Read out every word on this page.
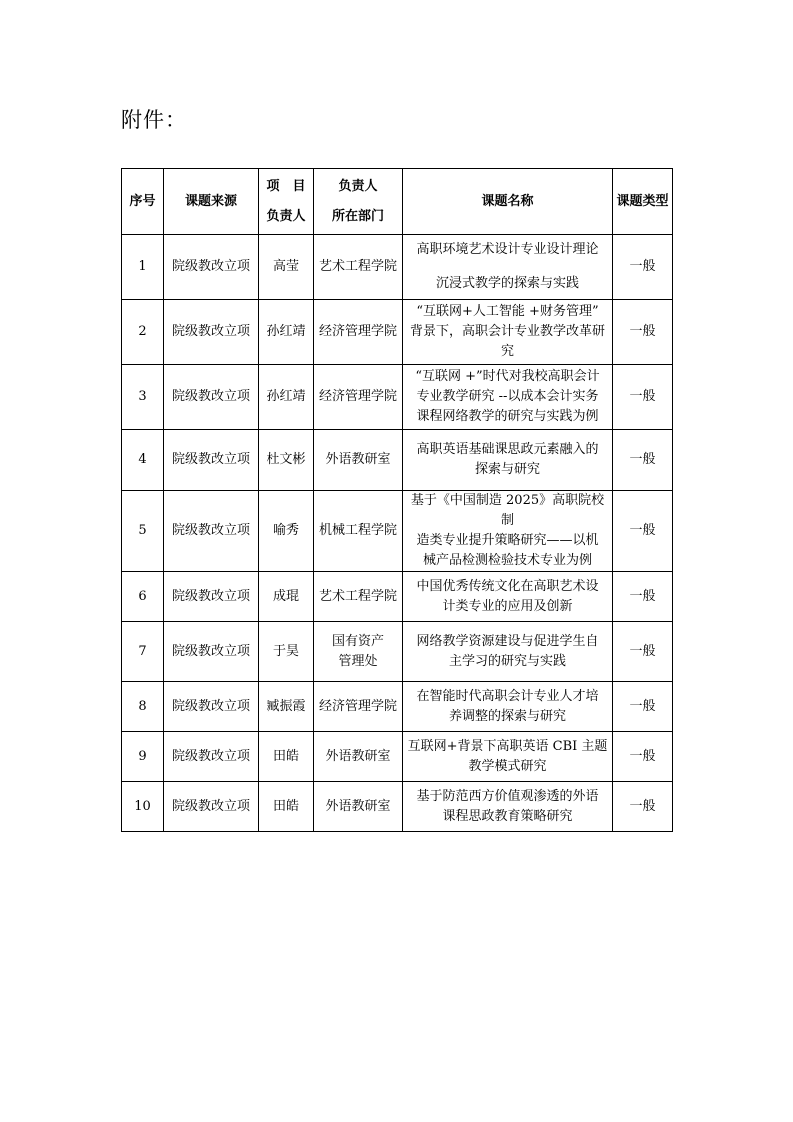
附件：
序号	课题来源	项　目
负责人	负责人
所在部门	课题名称	课题类型
1	院级教改立项	高莹	艺术工程学院	高职环境艺术设计专业设计理论
沉浸式教学的探索与实践	一般
2	院级教改立项	孙红靖	经济管理学院	“互联网+人工智能 +财务管理”
背景下，高职会计专业教学改革研
究	一般
3	院级教改立项	孙红靖	经济管理学院	“互联网 +”时代对我校高职会计
专业教学研究 --以成本会计实务
课程网络教学的研究与实践为例	一般
4	院级教改立项	杜文彬	外语教研室	高职英语基础课思政元素融入的
探索与研究	一般
5	院级教改立项	喻秀	机械工程学院	基于《中国制造 2025》高职院校制
造类专业提升策略研究——以机
械产品检测检验技术专业为例	一般
6	院级教改立项	成琨	艺术工程学院	中国优秀传统文化在高职艺术设
计类专业的应用及创新	一般
7	院级教改立项	于昊	国有资产
管理处	网络教学资源建设与促进学生自
主学习的研究与实践	一般
8	院级教改立项	臧振霞	经济管理学院	在智能时代高职会计专业人才培
养调整的探索与研究	一般
9	院级教改立项	田皓	外语教研室	互联网+背景下高职英语 CBI 主题
教学模式研究	一般
10	院级教改立项	田皓	外语教研室	基于防范西方价值观渗透的外语
课程思政教育策略研究	一般
